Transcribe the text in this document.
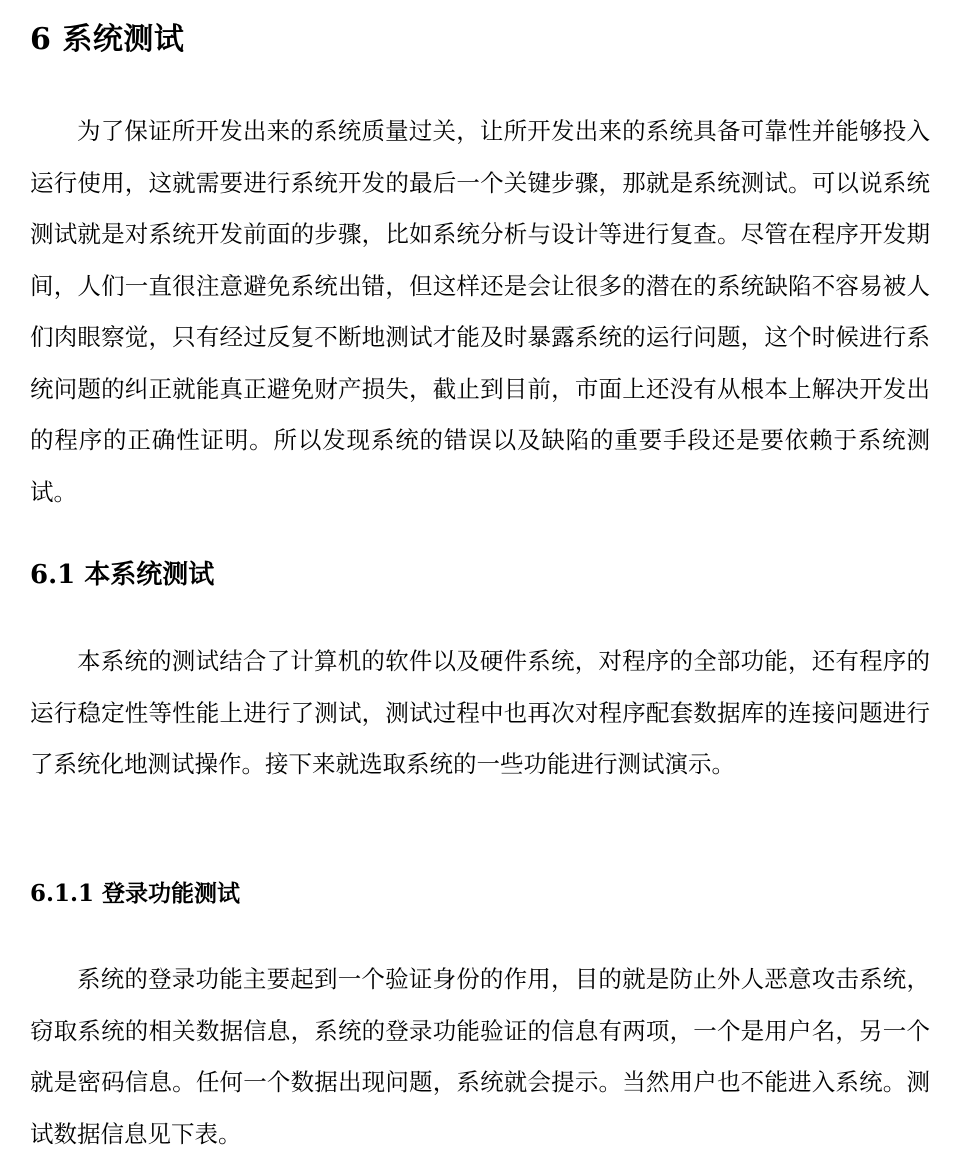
6 系统测试

为了保证所开发出来的系统质量过关，让所开发出来的系统具备可靠性并能够投入运行使用，这就需要进行系统开发的最后一个关键步骤，那就是系统测试。可以说系统测试就是对系统开发前面的步骤，比如系统分析与设计等进行复查。尽管在程序开发期间，人们一直很注意避免系统出错，但这样还是会让很多的潜在的系统缺陷不容易被人们肉眼察觉，只有经过反复不断地测试才能及时暴露系统的运行问题，这个时候进行系统问题的纠正就能真正避免财产损失，截止到目前，市面上还没有从根本上解决开发出的程序的正确性证明。所以发现系统的错误以及缺陷的重要手段还是要依赖于系统测试。

6.1 本系统测试

本系统的测试结合了计算机的软件以及硬件系统，对程序的全部功能，还有程序的运行稳定性等性能上进行了测试，测试过程中也再次对程序配套数据库的连接问题进行了系统化地测试操作。接下来就选取系统的一些功能进行测试演示。

6.1.1 登录功能测试

系统的登录功能主要起到一个验证身份的作用，目的就是防止外人恶意攻击系统，窃取系统的相关数据信息，系统的登录功能验证的信息有两项，一个是用户名，另一个就是密码信息。任何一个数据出现问题，系统就会提示。当然用户也不能进入系统。测试数据信息见下表。
